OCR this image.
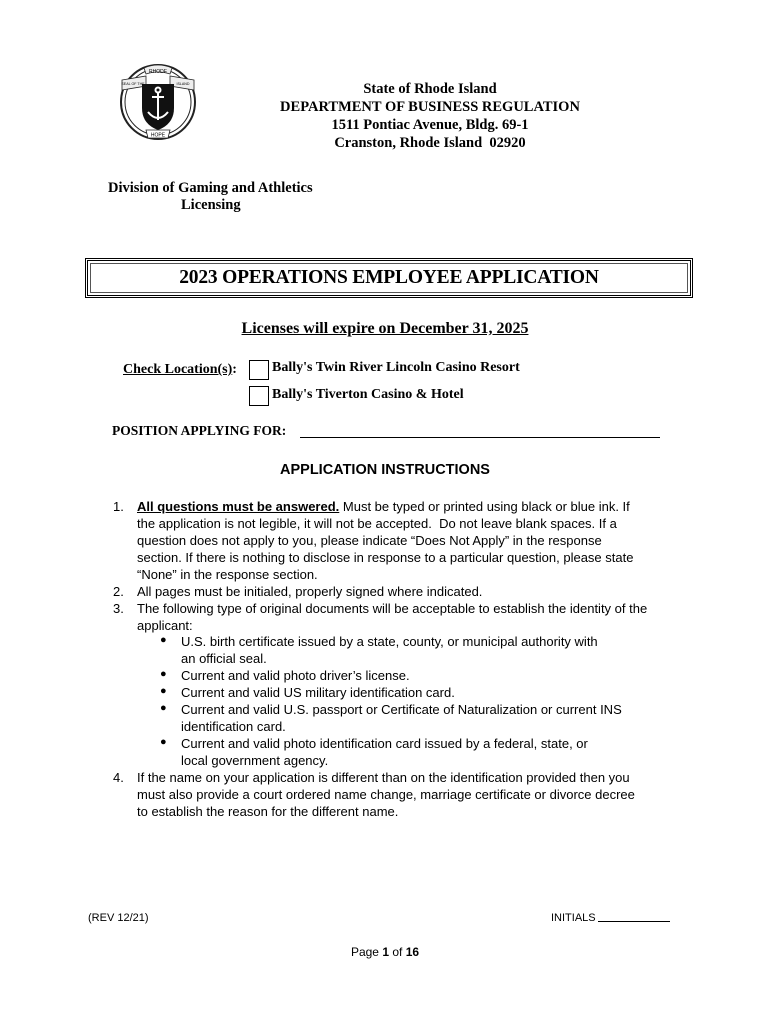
RHODE
SEAL OF THE	ISLAND
HOPE
State of Rhode Island
DEPARTMENT OF BUSINESS REGULATION
1511 Pontiac Avenue, Bldg. 69-1
Cranston, Rhode Island  02920
Division of Gaming and Athletics
Licensing
2023 OPERATIONS EMPLOYEE APPLICATION
Licenses will expire on December 31, 2025
Check Location(s):	Bally's Twin River Lincoln Casino Resort
Bally's Tiverton Casino & Hotel
POSITION APPLYING FOR:
APPLICATION INSTRUCTIONS
1. All questions must be answered. Must be typed or printed using black or blue ink. If
the application is not legible, it will not be accepted.  Do not leave blank spaces. If a
question does not apply to you, please indicate “Does Not Apply” in the response
section. If there is nothing to disclose in response to a particular question, please state
“None” in the response section.
2. All pages must be initialed, properly signed where indicated.
3. The following type of original documents will be acceptable to establish the identity of the
applicant:
● U.S. birth certificate issued by a state, county, or municipal authority with
an official seal.
● Current and valid photo driver’s license.
● Current and valid US military identification card.
● Current and valid U.S. passport or Certificate of Naturalization or current INS
identification card.
● Current and valid photo identification card issued by a federal, state, or
local government agency.
4. If the name on your application is different than on the identification provided then you
must also provide a court ordered name change, marriage certificate or divorce decree
to establish the reason for the different name.
(REV 12/21)	INITIALS
Page 1 of 16
